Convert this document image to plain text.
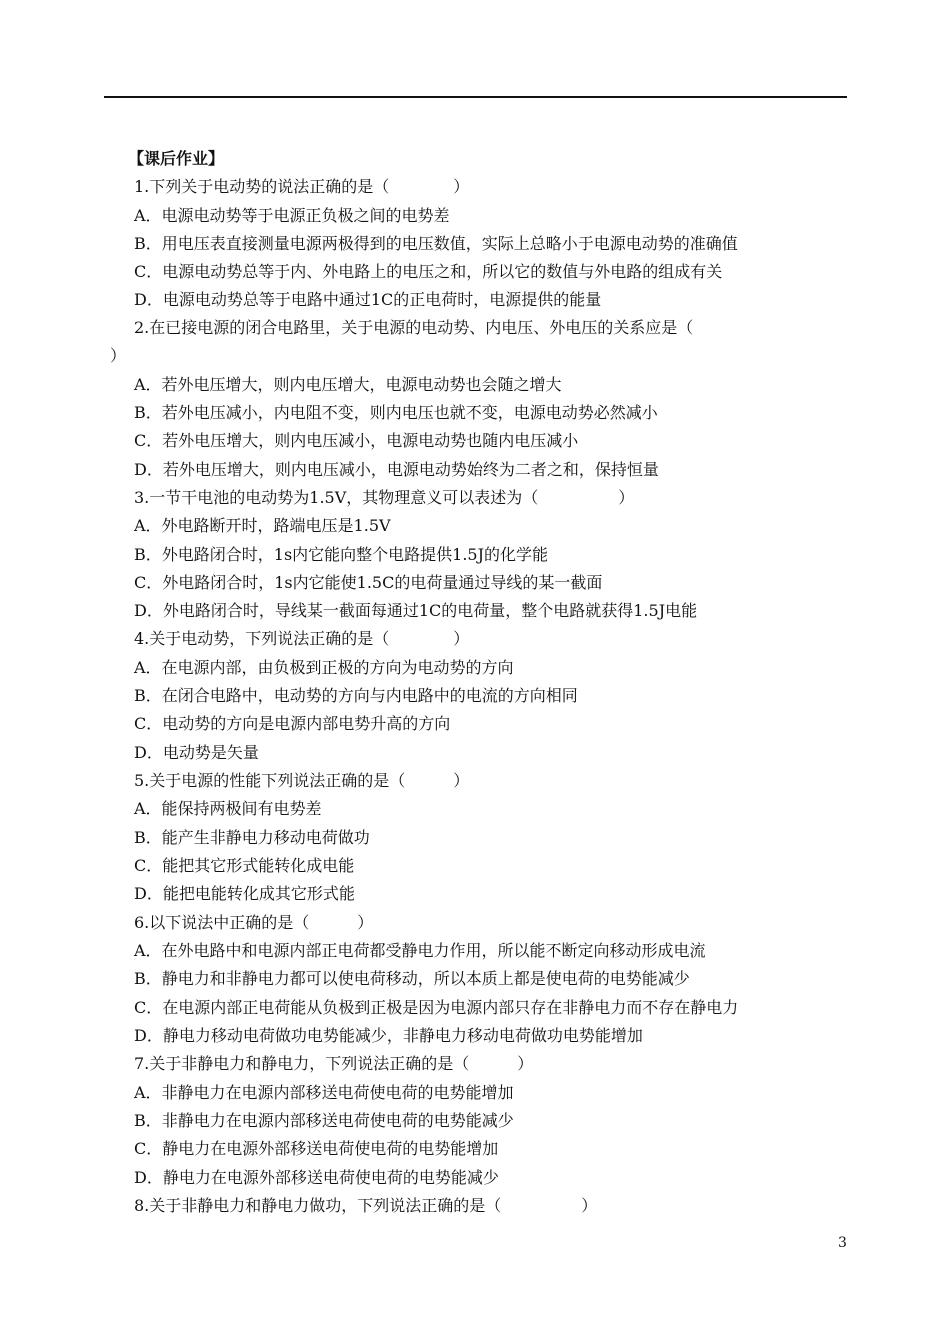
【课后作业】
1.下列关于电动势的说法正确的是（　　　　）
A．电源电动势等于电源正负极之间的电势差
B．用电压表直接测量电源两极得到的电压数值，实际上总略小于电源电动势的准确值
C．电源电动势总等于内、外电路上的电压之和，所以它的数值与外电路的组成有关
D．电源电动势总等于电路中通过1C的正电荷时，电源提供的能量
2.在已接电源的闭合电路里，关于电源的电动势、内电压、外电压的关系应是（
）
A．若外电压增大，则内电压增大，电源电动势也会随之增大
B．若外电压减小，内电阻不变，则内电压也就不变，电源电动势必然减小
C．若外电压增大，则内电压减小，电源电动势也随内电压减小
D．若外电压增大，则内电压减小，电源电动势始终为二者之和，保持恒量
3.一节干电池的电动势为1.5V，其物理意义可以表述为（　　　　　）
A．外电路断开时，路端电压是1.5V
B．外电路闭合时，1s内它能向整个电路提供1.5J的化学能
C．外电路闭合时，1s内它能使1.5C的电荷量通过导线的某一截面
D．外电路闭合时，导线某一截面每通过1C的电荷量，整个电路就获得1.5J电能
4.关于电动势，下列说法正确的是（　　　　）
A．在电源内部，由负极到正极的方向为电动势的方向
B．在闭合电路中，电动势的方向与内电路中的电流的方向相同
C．电动势的方向是电源内部电势升高的方向
D．电动势是矢量
5.关于电源的性能下列说法正确的是（　　　）
A．能保持两极间有电势差
B．能产生非静电力移动电荷做功
C．能把其它形式能转化成电能
D．能把电能转化成其它形式能
6.以下说法中正确的是（　　　）
A．在外电路中和电源内部正电荷都受静电力作用，所以能不断定向移动形成电流
B．静电力和非静电力都可以使电荷移动，所以本质上都是使电荷的电势能减少
C．在电源内部正电荷能从负极到正极是因为电源内部只存在非静电力而不存在静电力
D．静电力移动电荷做功电势能减少，非静电力移动电荷做功电势能增加
7.关于非静电力和静电力，下列说法正确的是（　　　）
A．非静电力在电源内部移送电荷使电荷的电势能增加
B．非静电力在电源内部移送电荷使电荷的电势能减少
C．静电力在电源外部移送电荷使电荷的电势能增加
D．静电力在电源外部移送电荷使电荷的电势能减少
8.关于非静电力和静电力做功，下列说法正确的是（　　　　　）
3
